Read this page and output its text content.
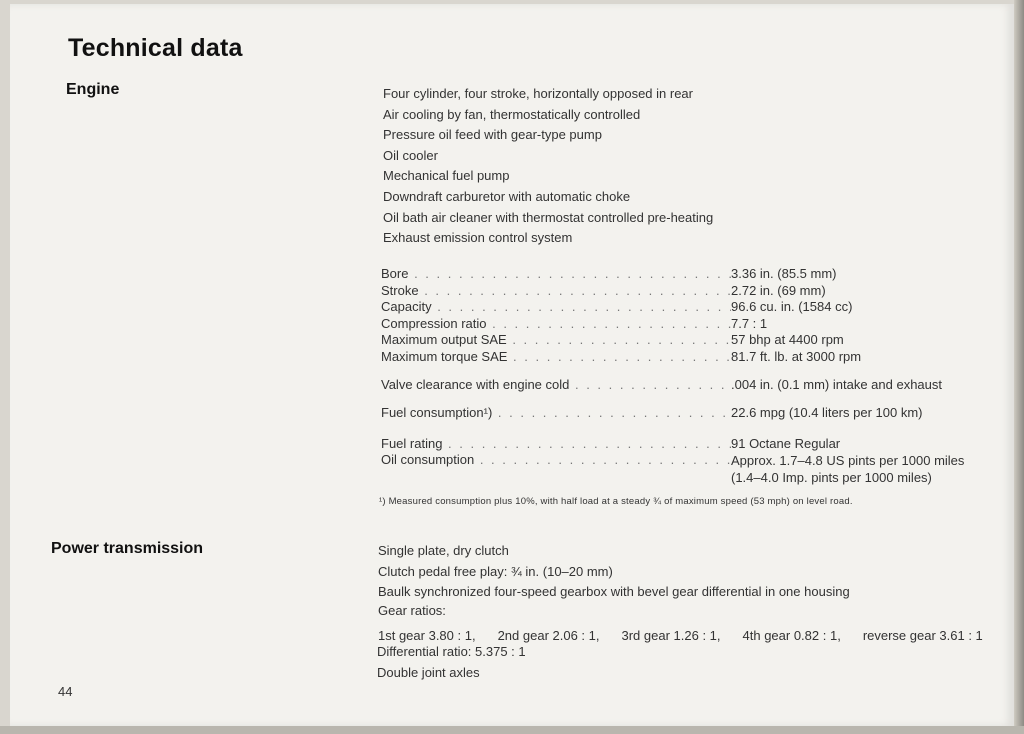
Technical data
Engine	Four cylinder, four stroke, horizontally opposed in rear
Air cooling by fan, thermostatically controlled
Pressure oil feed with gear-type pump
Oil cooler
Mechanical fuel pump
Downdraft carburetor with automatic choke
Oil bath air cleaner with thermostat controlled pre-heating
Exhaust emission control system
Bore . . .	3.36 in. (85.5 mm)
Stroke . . .	2.72 in. (69 mm)
Capacity . . .	96.6 cu. in. (1584 cc)
Compression ratio . . .	7.7 : 1
Maximum output SAE . . .	57 bhp at 4400 rpm
Maximum torque SAE . . .	81.7 ft. lb. at 3000 rpm
Valve clearance with engine cold . . .	.004 in. (0.1 mm) intake and exhaust
Fuel consumption¹) . . .	22.6 mpg (10.4 liters per 100 km)
Fuel rating . . .	91 Octane Regular
Oil consumption . . .	Approx. 1.7–4.8 US pints per 1000 miles
(1.4–4.0 Imp. pints per 1000 miles)
¹) Measured consumption plus 10%, with half load at a steady ¾ of maximum speed (53 mph) on level road.
Power transmission	Single plate, dry clutch
Clutch pedal free play: ¾ in. (10–20 mm)
Baulk synchronized four-speed gearbox with bevel gear differential in one housing
Gear ratios:
1st gear 3.80 : 1, 2nd gear 2.06 : 1, 3rd gear 1.26 : 1, 4th gear 0.82 : 1, reverse gear 3.61 : 1
Differential ratio: 5.375 : 1
Double joint axles
44
